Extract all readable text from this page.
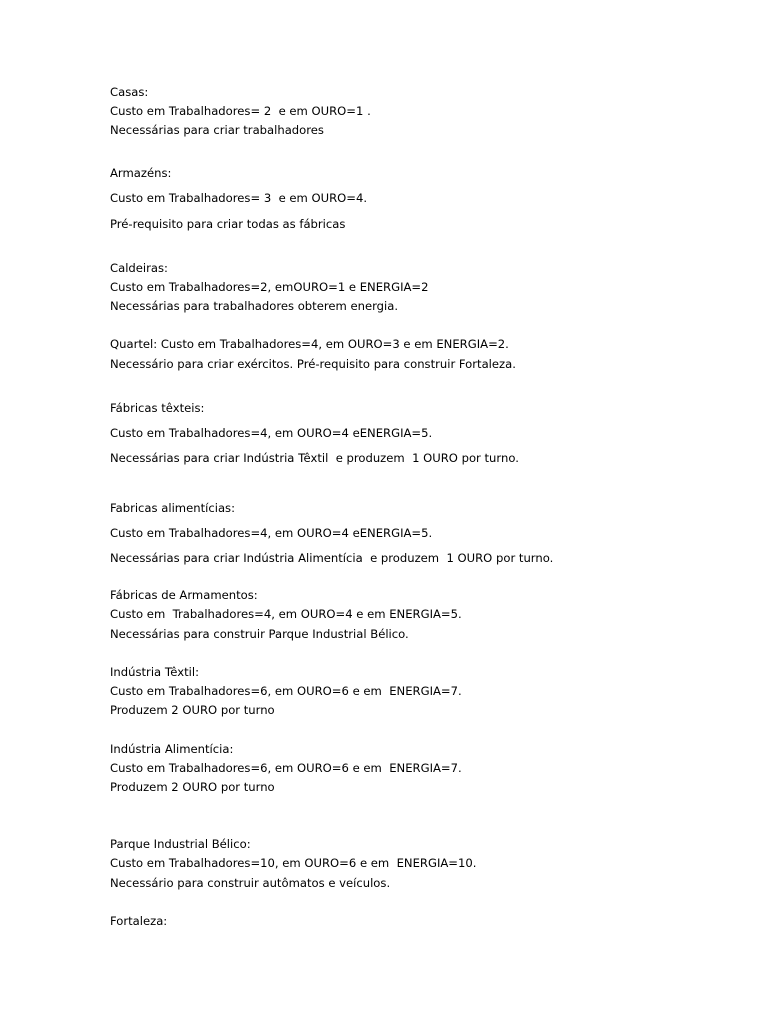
Casas:

Custo em Trabalhadores= 2  e em OURO=1 .

Necessárias para criar trabalhadores

Armazéns:

Custo em Trabalhadores= 3  e em OURO=4.

Pré-requisito para criar todas as fábricas

Caldeiras:

Custo em Trabalhadores=2, emOURO=1 e ENERGIA=2

Necessárias para trabalhadores obterem energia.

Quartel: Custo em Trabalhadores=4, em OURO=3 e em ENERGIA=2.

Necessário para criar exércitos. Pré-requisito para construir Fortaleza.

Fábricas têxteis:

Custo em Trabalhadores=4, em OURO=4 eENERGIA=5.

Necessárias para criar Indústria Têxtil  e produzem  1 OURO por turno.

Fabricas alimentícias:

Custo em Trabalhadores=4, em OURO=4 eENERGIA=5.

Necessárias para criar Indústria Alimentícia  e produzem  1 OURO por turno.

Fábricas de Armamentos:

Custo em  Trabalhadores=4, em OURO=4 e em ENERGIA=5.

Necessárias para construir Parque Industrial Bélico.

Indústria Têxtil:

Custo em Trabalhadores=6, em OURO=6 e em  ENERGIA=7.

Produzem 2 OURO por turno

Indústria Alimentícia:

Custo em Trabalhadores=6, em OURO=6 e em  ENERGIA=7.

Produzem 2 OURO por turno

Parque Industrial Bélico:

Custo em Trabalhadores=10, em OURO=6 e em  ENERGIA=10.

Necessário para construir autômatos e veículos.

Fortaleza:
